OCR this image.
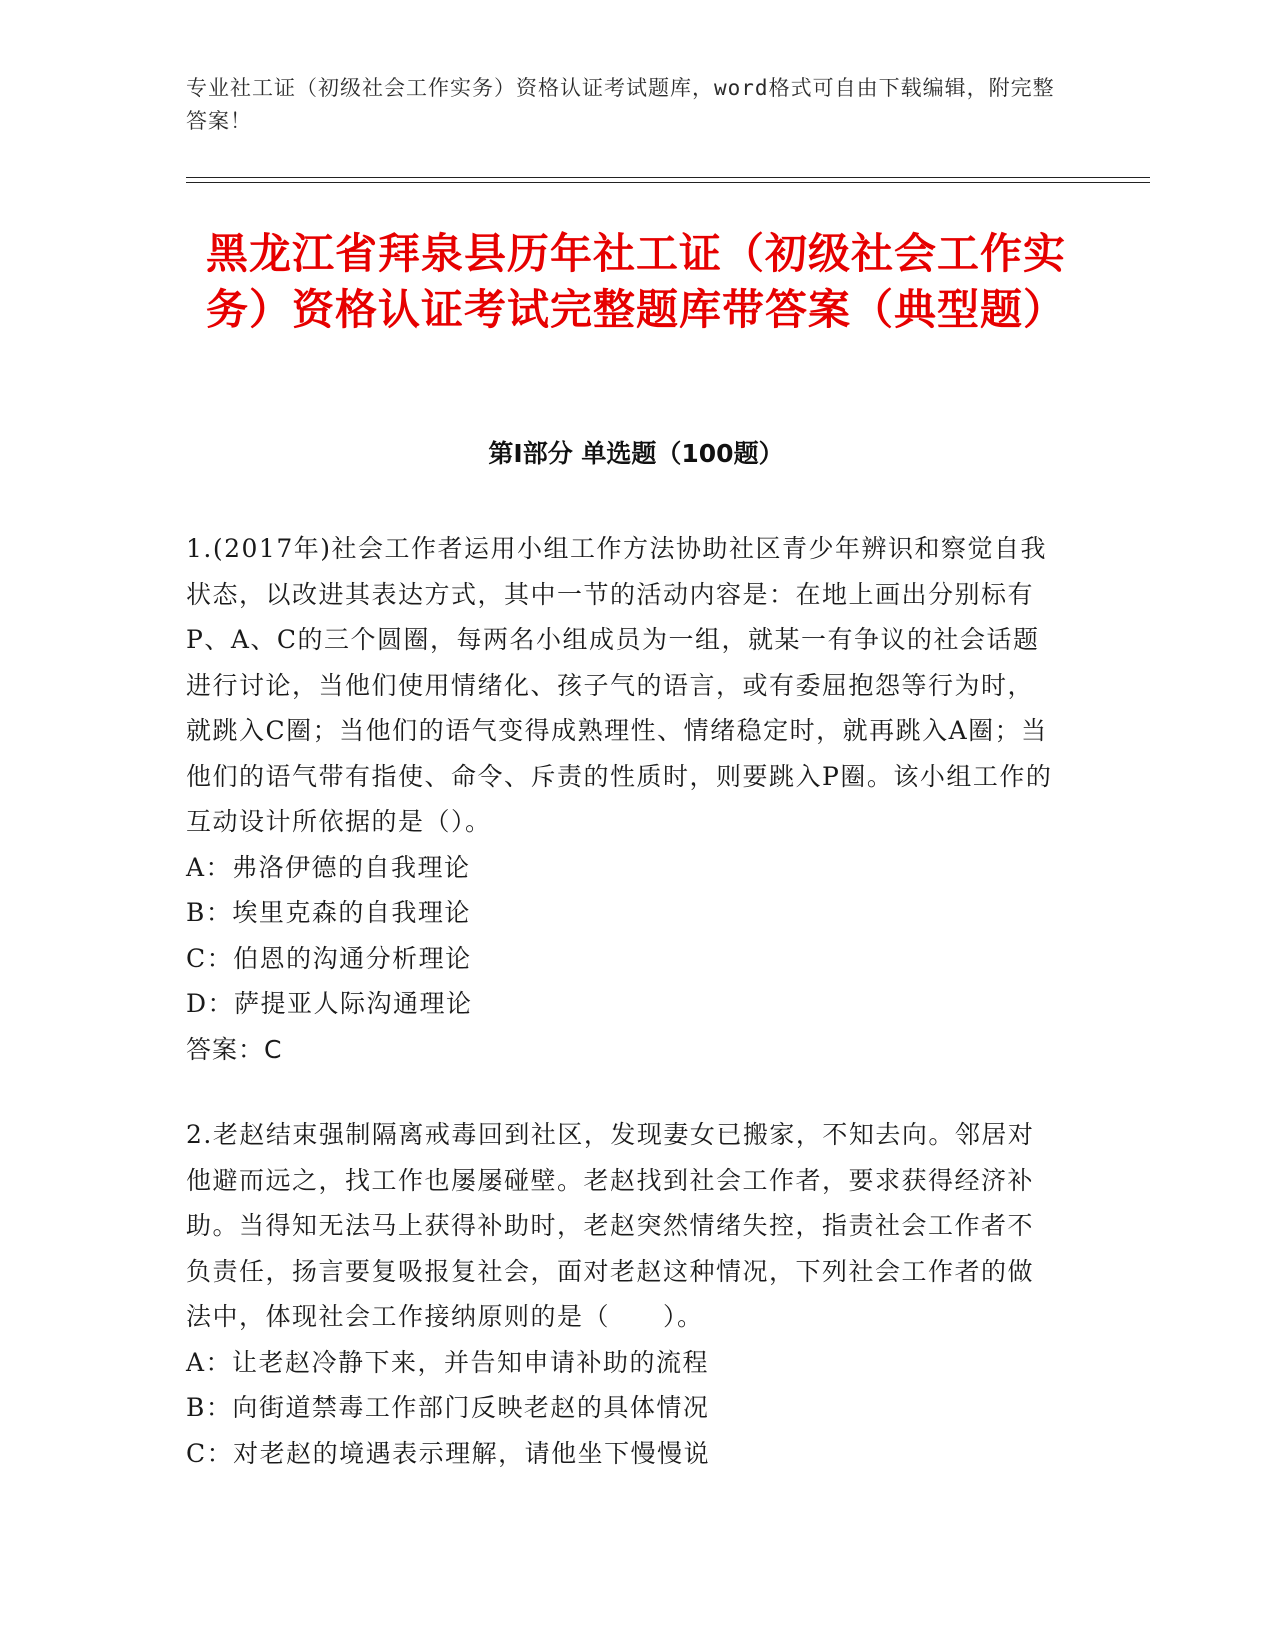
专业社工证（初级社会工作实务）资格认证考试题库，word格式可自由下载编辑，附完整答案！
黑龙江省拜泉县历年社工证（初级社会工作实务）资格认证考试完整题库带答案（典型题）
第Ⅰ部分 单选题（100题）

1.(2017年)社会工作者运用小组工作方法协助社区青少年辨识和察觉自我状态，以改进其表达方式，其中一节的活动内容是：在地上画出分别标有P、A、C的三个圆圈，每两名小组成员为一组，就某一有争议的社会话题进行讨论，当他们使用情绪化、孩子气的语言，或有委屈抱怨等行为时，就跳入C圈；当他们的语气变得成熟理性、情绪稳定时，就再跳入A圈；当他们的语气带有指使、命令、斥责的性质时，则要跳入P圈。该小组工作的互动设计所依据的是（）。

A：弗洛伊德的自我理论

B：埃里克森的自我理论

C：伯恩的沟通分析理论

D：萨提亚人际沟通理论

答案：C

2.老赵结束强制隔离戒毒回到社区，发现妻女已搬家，不知去向。邻居对他避而远之，找工作也屡屡碰壁。老赵找到社会工作者，要求获得经济补助。当得知无法马上获得补助时，老赵突然情绪失控，指责社会工作者不负责任，扬言要复吸报复社会，面对老赵这种情况，下列社会工作者的做法中，体现社会工作接纳原则的是（　　）。

A：让老赵冷静下来，并告知申请补助的流程

B：向街道禁毒工作部门反映老赵的具体情况

C：对老赵的境遇表示理解，请他坐下慢慢说
